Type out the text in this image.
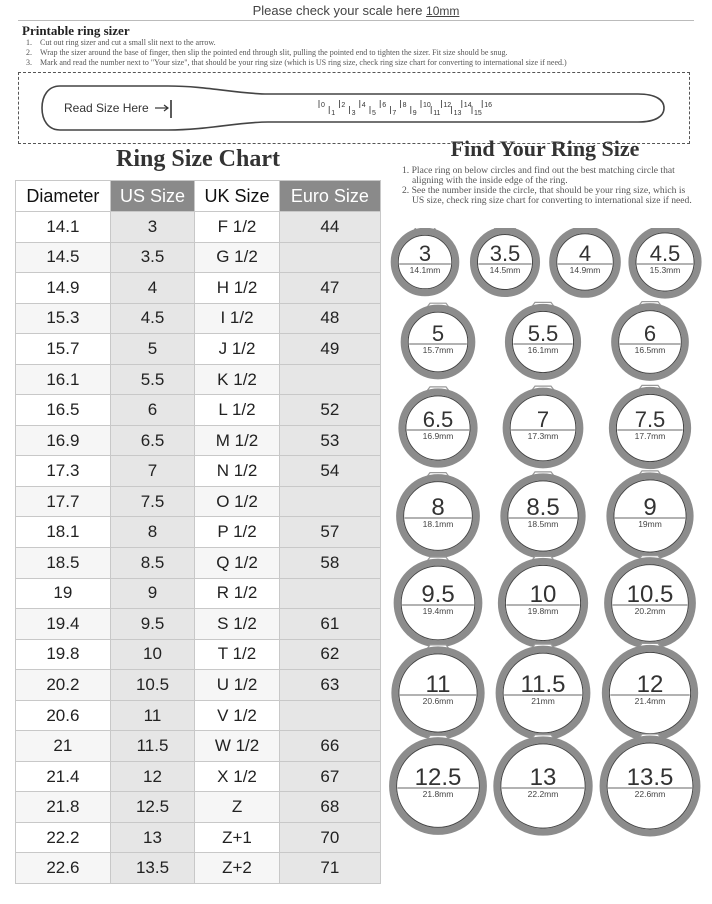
Please check your scale here 10mm
Printable ring sizer
1. Cut out ring sizer and cut a small slit next to the arrow.
2. Wrap the sizer around the base of finger, then slip the pointed end through slit, pulling the pointed end to tighten the sizer. Fit size should be snug.
3. Mark and read the number next to "Your size", that should be your ring size (which is US ring size, check ring size chart for converting to international size if need.)
Read Size Here	0
1
2
3
4
5
6
7
8
9
10
11
12
13
14
15
16
Ring Size Chart
Diameter	US Size	UK Size	Euro Size
14.1	3	F 1/2	44
14.5	3.5	G 1/2	
14.9	4	H 1/2	47
15.3	4.5	I 1/2	48
15.7	5	J 1/2	49
16.1	5.5	K 1/2	
16.5	6	L 1/2	52
16.9	6.5	M 1/2	53
17.3	7	N 1/2	54
17.7	7.5	O 1/2	
18.1	8	P 1/2	57
18.5	8.5	Q 1/2	58
19	9	R 1/2	
19.4	9.5	S 1/2	61
19.8	10	T 1/2	62
20.2	10.5	U 1/2	63
20.6	11	V 1/2	
21	11.5	W 1/2	66
21.4	12	X 1/2	67
21.8	12.5	Z	68
22.2	13	Z+1	70
22.6	13.5	Z+2	71
Find Your Ring Size
1. Place ring on below circles and find out the best matching circle that aligning with the inside edge of the ring.
2. See the number inside the circle, that should be your ring size, which is US size, check ring size chart for converting to international size if need.
3
14.1mm
3.5
14.5mm
4
14.9mm
4.5
15.3mm
5
15.7mm
5.5
16.1mm
6
16.5mm
6.5
16.9mm
7
17.3mm
7.5
17.7mm
8
18.1mm
8.5
18.5mm
9
19mm
9.5
19.4mm
10
19.8mm
10.5
20.2mm
11
20.6mm
11.5
21mm
12
21.4mm
12.5
21.8mm
13
22.2mm
13.5
22.6mm
